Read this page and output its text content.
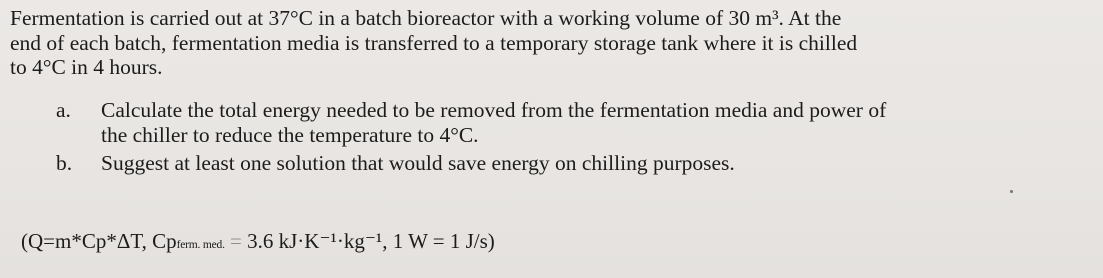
Fermentation is carried out at 37°C in a batch bioreactor with a working volume of 30 m³. At the
end of each batch, fermentation media is transferred to a temporary storage tank where it is chilled
to 4°C in 4 hours.
a. Calculate the total energy needed to be removed from the fermentation media and power of
the chiller to reduce the temperature to 4°C.
b. Suggest at least one solution that would save energy on chilling purposes.
(Q=m*Cp*ΔT, Cpferm. med. = 3.6 kJ·K⁻¹·kg⁻¹, 1 W = 1 J/s)
